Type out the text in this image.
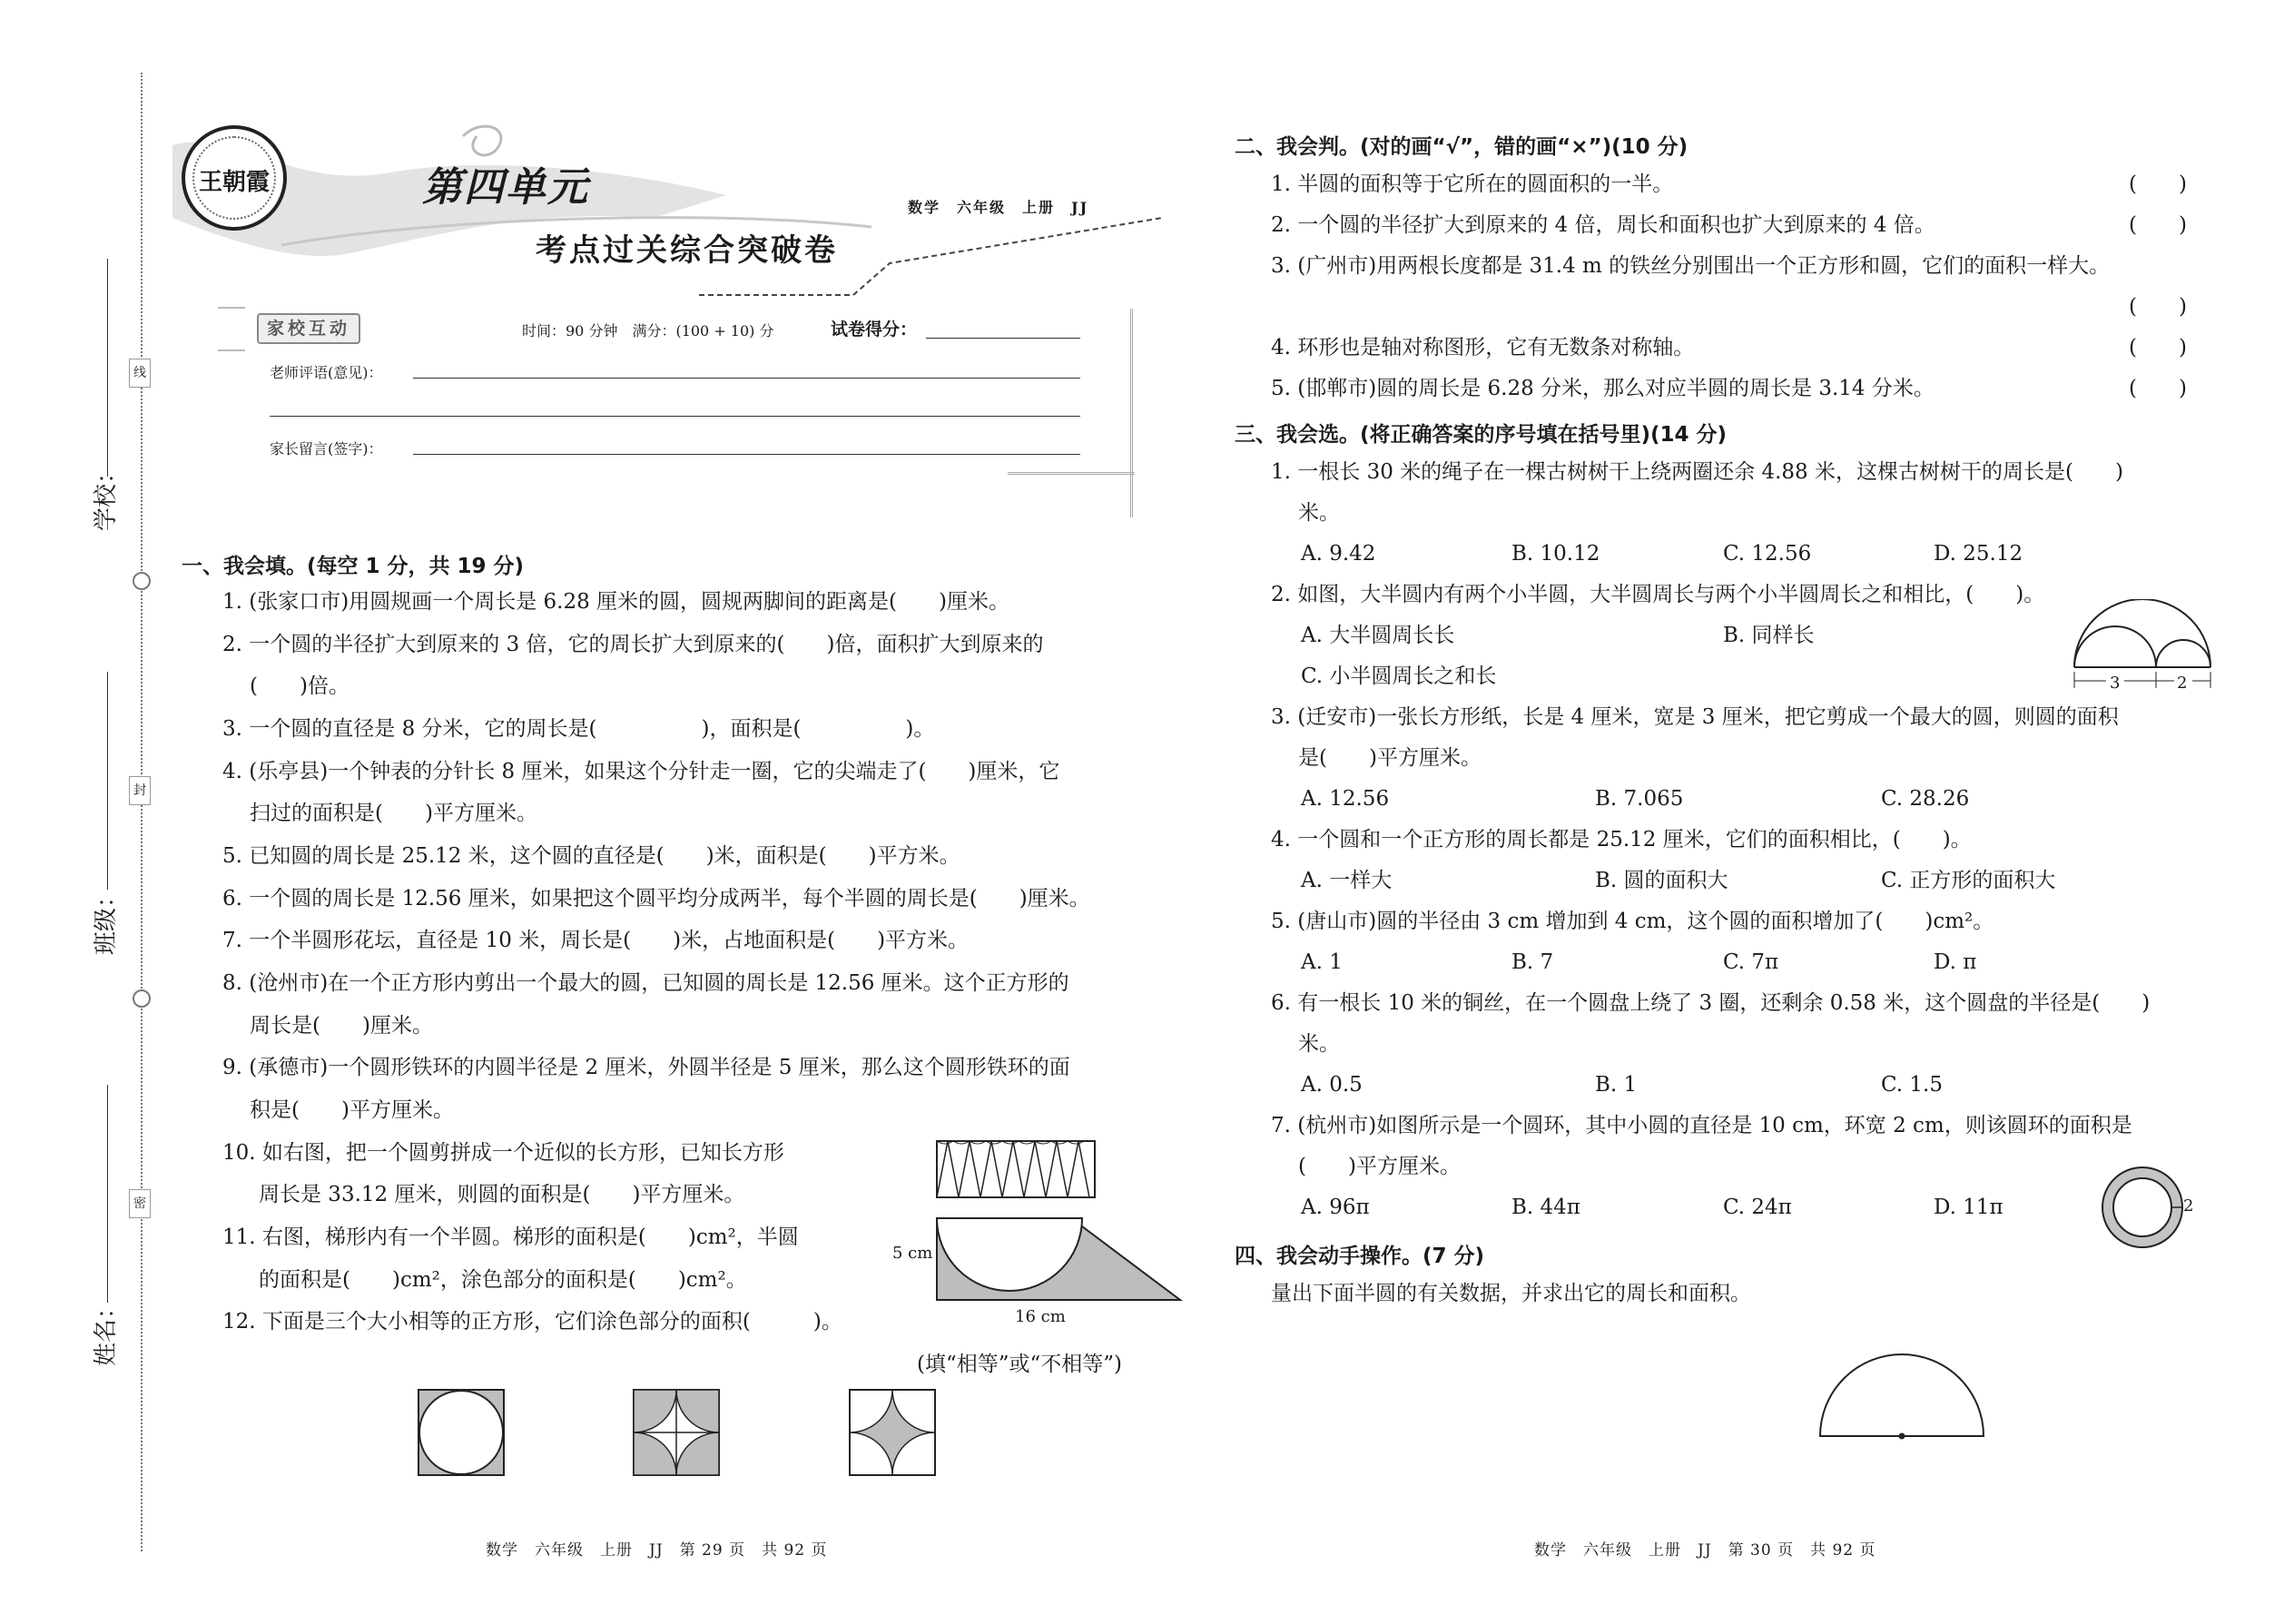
线
封
密
学校：
班级：
姓名：
王朝霞	第四单元
考点过关综合突破卷
数学　六年级　上册　JJ
家校互动	时间：90 分钟　满分：(100 + 10) 分	试卷得分：
老师评语(意见)：
家长留言(签字)：
一、我会填。(每空 1 分，共 19 分)
1. (张家口市)用圆规画一个周长是 6.28 厘米的圆，圆规两脚间的距离是(　　)厘米。
2. 一个圆的半径扩大到原来的 3 倍，它的周长扩大到原来的(　　)倍，面积扩大到原来的
(　　)倍。
3. 一个圆的直径是 8 分米，它的周长是(　　　　　)，面积是(　　　　　)。
4. (乐亭县)一个钟表的分针长 8 厘米，如果这个分针走一圈，它的尖端走了(　　)厘米，它
扫过的面积是(　　)平方厘米。
5. 已知圆的周长是 25.12 米，这个圆的直径是(　　)米，面积是(　　)平方米。
6. 一个圆的周长是 12.56 厘米，如果把这个圆平均分成两半，每个半圆的周长是(　　)厘米。
7. 一个半圆形花坛，直径是 10 米，周长是(　　)米，占地面积是(　　)平方米。
8. (沧州市)在一个正方形内剪出一个最大的圆，已知圆的周长是 12.56 厘米。这个正方形的
周长是(　　)厘米。
9. (承德市)一个圆形铁环的内圆半径是 2 厘米，外圆半径是 5 厘米，那么这个圆形铁环的面
积是(　　)平方厘米。
10. 如右图，把一个圆剪拼成一个近似的长方形，已知长方形
周长是 33.12 厘米，则圆的面积是(　　)平方厘米。
11. 右图，梯形内有一个半圆。梯形的面积是(　　)cm²，半圆
的面积是(　　)cm²，涂色部分的面积是(　　)cm²。
12. 下面是三个大小相等的正方形，它们涂色部分的面积(　　　)。
(填“相等”或“不相等”)
5 cm
16 cm
数学　六年级　上册　JJ　第 29 页　共 92 页
二、我会判。(对的画“√”，错的画“×”)(10 分)
1. 半圆的面积等于它所在的圆面积的一半。	(　　)
2. 一个圆的半径扩大到原来的 4 倍，周长和面积也扩大到原来的 4 倍。	(　　)
3. (广州市)用两根长度都是 31.4 m 的铁丝分别围出一个正方形和圆，它们的面积一样大。
(　　)
4. 环形也是轴对称图形，它有无数条对称轴。	(　　)
5. (邯郸市)圆的周长是 6.28 分米，那么对应半圆的周长是 3.14 分米。	(　　)
三、我会选。(将正确答案的序号填在括号里)(14 分)
1. 一根长 30 米的绳子在一棵古树树干上绕两圈还余 4.88 米，这棵古树树干的周长是(　　)
米。
A. 9.42	B. 10.12	C. 12.56	D. 25.12
2. 如图，大半圆内有两个小半圆，大半圆周长与两个小半圆周长之和相比，(　　)。
A. 大半圆周长长	B. 同样长
C. 小半圆周长之和长	3	2
3. (迁安市)一张长方形纸，长是 4 厘米，宽是 3 厘米，把它剪成一个最大的圆，则圆的面积
是(　　)平方厘米。
A. 12.56	B. 7.065	C. 28.26
4. 一个圆和一个正方形的周长都是 25.12 厘米，它们的面积相比，(　　)。
A. 一样大	B. 圆的面积大	C. 正方形的面积大
5. (唐山市)圆的半径由 3 cm 增加到 4 cm，这个圆的面积增加了(　　)cm²。
A. 1	B. 7	C. 7π	D. π
6. 有一根长 10 米的铜丝，在一个圆盘上绕了 3 圈，还剩余 0.58 米，这个圆盘的半径是(　　)
米。
A. 0.5	B. 1	C. 1.5
7. (杭州市)如图所示是一个圆环，其中小圆的直径是 10 cm，环宽 2 cm，则该圆环的面积是
(　　)平方厘米。
A. 96π	B. 44π	C. 24π	D. 11π	2
四、我会动手操作。(7 分)
量出下面半圆的有关数据，并求出它的周长和面积。
数学　六年级　上册　JJ　第 30 页　共 92 页
